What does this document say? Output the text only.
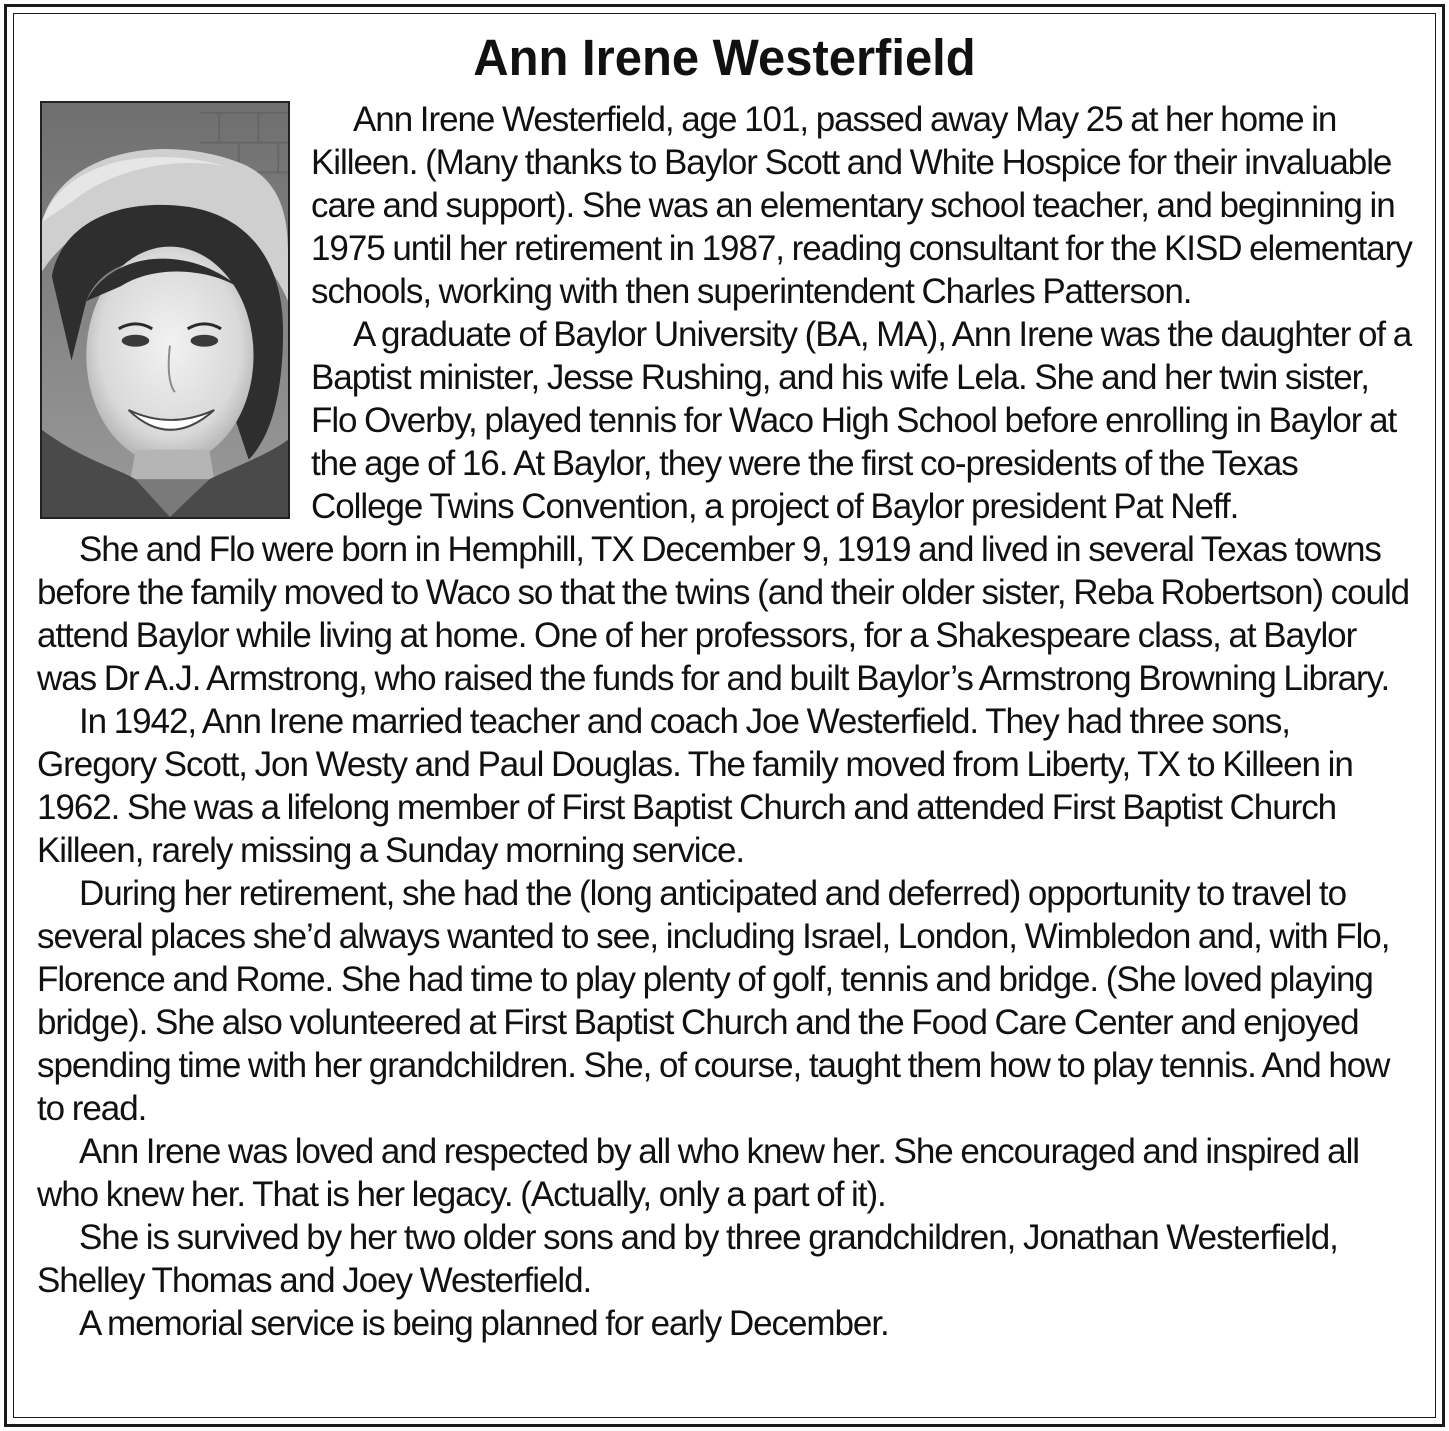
Ann Irene Westerfield

Ann Irene Westerfield, age 101, passed away May 25 at her home in Killeen. (Many thanks to Baylor Scott and White Hospice for their invaluable care and support). She was an elementary school teacher, and beginning in 1975 until her retirement in 1987, reading consultant for the KISD elementary schools, working with then superintendent Charles Patterson.

A graduate of Baylor University (BA, MA), Ann Irene was the daughter of a Baptist minister, Jesse Rushing, and his wife Lela. She and her twin sister, Flo Overby, played tennis for Waco High School before enrolling in Baylor at the age of 16. At Baylor, they were the first co-presidents of the Texas College Twins Convention, a project of Baylor president Pat Neff.

She and Flo were born in Hemphill, TX December 9, 1919 and lived in several Texas towns before the family moved to Waco so that the twins (and their older sister, Reba Robertson) could attend Baylor while living at home. One of her professors, for a Shakespeare class, at Baylor was Dr A.J. Armstrong, who raised the funds for and built Baylor’s Armstrong Browning Library.

In 1942, Ann Irene married teacher and coach Joe Westerfield. They had three sons, Gregory Scott, Jon Westy and Paul Douglas. The family moved from Liberty, TX to Killeen in 1962. She was a lifelong member of First Baptist Church and attended First Baptist Church Killeen, rarely missing a Sunday morning service.

During her retirement, she had the (long anticipated and deferred) opportunity to travel to several places she’d always wanted to see, including Israel, London, Wimbledon and, with Flo, Florence and Rome. She had time to play plenty of golf, tennis and bridge. (She loved playing bridge). She also volunteered at First Baptist Church and the Food Care Center and enjoyed spending time with her grandchildren. She, of course, taught them how to play tennis. And how to read.

Ann Irene was loved and respected by all who knew her. She encouraged and inspired all who knew her. That is her legacy. (Actually, only a part of it).

She is survived by her two older sons and by three grandchildren, Jonathan Westerfield, Shelley Thomas and Joey Westerfield.

A memorial service is being planned for early December.
